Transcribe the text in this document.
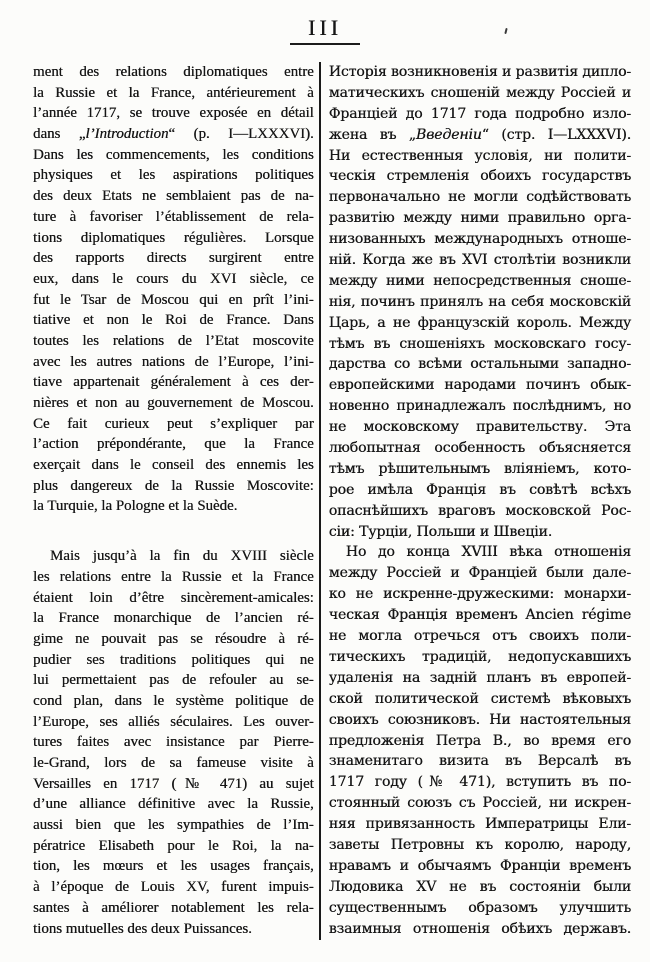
III
ment des relations diplomatiques entre
la Russie et la France, antérieurement à
l’année 1717, se trouve exposée en détail
dans „l’Introduction“ (p. I—LXXXVI).
Dans les commencements, les conditions
physiques et les aspirations politiques
des deux Etats ne semblaient pas de na-
ture à favoriser l’établissement de rela-
tions diplomatiques régulières. Lorsque
des rapports directs surgirent entre
eux, dans le cours du XVI siècle, ce
fut le Tsar de Moscou qui en prît l’ini-
tiative et non le Roi de France. Dans
toutes les relations de l’Etat moscovite
avec les autres nations de l’Europe, l’ini-
tiave appartenait généralement à ces der-
nières et non au gouvernement de Moscou.
Ce fait curieux peut s’expliquer par
l’action prépondérante, que la France
exerçait dans le conseil des ennemis les
plus dangereux de la Russie Moscovite:
la Turquie, la Pologne et la Suède.
Mais jusqu’à la fin du XVIII siècle
les relations entre la Russie et la France
étaient loin d’être sincèrement-amicales:
la France monarchique de l’ancien ré-
gime ne pouvait pas se résoudre à ré-
pudier ses traditions politiques qui ne
lui permettaient pas de refouler au se-
cond plan, dans le système politique de
l’Europe, ses alliés séculaires. Les ouver-
tures faites avec insistance par Pierre-
le-Grand, lors de sa fameuse visite à
Versailles en 1717 (№ 471) au sujet
d’une alliance définitive avec la Russie,
aussi bien que les sympathies de l’Im-
pératrice Elisabeth pour le Roi, la na-
tion, les mœurs et les usages français,
à l’époque de Louis XV, furent impuis-
santes à améliorer notablement les rela-
tions mutuelles des deux Puissances.
Исторія возникновенія и развитія дипло-
матическихъ сношеній между Россіей и
Франціей до 1717 года подробно изло-
жена въ „Введеніи“ (стр. I—LXXXVI).
Ни естественныя условія, ни полити-
ческія стремленія обоихъ государствъ
первоначально не могли содѣйствовать
развитію между ними правильно орга-
низованныхъ международныхъ отноше-
ній. Когда же въ XVI столѣтіи возникли
между ними непосредственныя сноше-
нія, починъ принялъ на себя московскій
Царь, а не французскій король. Между
тѣмъ въ сношеніяхъ московскаго госу-
дарства со всѣми остальными западно-
европейскими народами починъ обык-
новенно принадлежалъ послѣднимъ, но
не московскому правительству. Эта
любопытная особенность объясняется
тѣмъ рѣшительнымъ вліяніемъ, кото-
рое имѣла Франція въ совѣтѣ всѣхъ
опаснѣйшихъ враговъ московской Рос-
сіи: Турціи, Польши и Швеціи.
Но до конца XVIII вѣка отношенія
между Россіей и Франціей были дале-
ко не искренне-дружескими: монархи-
ческая Франція временъ Ancien régime
не могла отречься отъ своихъ поли-
тическихъ традицій, недопускавшихъ
удаленія на задній планъ въ европей-
ской политической системѣ вѣковыхъ
своихъ союзниковъ. Ни настоятельныя
предложенія Петра В., во время его
знаменитаго визита въ Версалѣ въ
1717 году (№ 471), вступить въ по-
стоянный союзъ съ Россіей, ни искрен-
няя привязанность Императрицы Ели-
заветы Петровны къ королю, народу,
нравамъ и обычаямъ Франціи временъ
Людовика XV не въ состояніи были
существеннымъ образомъ улучшить
взаимныя отношенія обѣихъ державъ.
